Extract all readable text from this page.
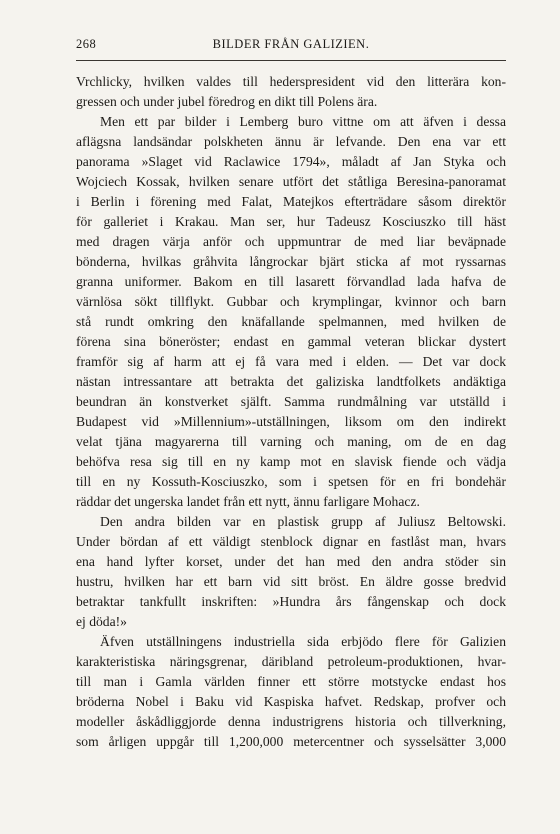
268	BILDER FRÅN GALIZIEN.
Vrchlicky, hvilken valdes till hederspresident vid den litterära kon-
gressen och under jubel föredrog en dikt till Polens ära.
Men ett par bilder i Lemberg buro vittne om att äfven i dessa
aflägsna landsändar polskheten ännu är lefvande. Den ena var ett
panorama »Slaget vid Raclawice 1794», måladt af Jan Styka och
Wojciech Kossak, hvilken senare utfört det ståtliga Beresina-panoramat
i Berlin i förening med Falat, Matejkos efterträdare såsom direktör
för galleriet i Krakau. Man ser, hur Tadeusz Kosciuszko till häst
med dragen värja anför och uppmuntrar de med liar beväpnade
bönderna, hvilkas gråhvita långrockar bjärt sticka af mot ryssarnas
granna uniformer. Bakom en till lasarett förvandlad lada hafva de
värnlösa sökt tillflykt. Gubbar och krymplingar, kvinnor och barn
stå rundt omkring den knäfallande spelmannen, med hvilken de
förena sina böneröster; endast en gammal veteran blickar dystert
framför sig af harm att ej få vara med i elden. — Det var dock
nästan intressantare att betrakta det galiziska landtfolkets andäktiga
beundran än konstverket själft. Samma rundmålning var utställd i
Budapest vid »Millennium»-utställningen, liksom om den indirekt
velat tjäna magyarerna till varning och maning, om de en dag
behöfva resa sig till en ny kamp mot en slavisk fiende och vädja
till en ny Kossuth-Kosciuszko, som i spetsen för en fri bondehär
räddar det ungerska landet från ett nytt, ännu farligare Mohacz.
Den andra bilden var en plastisk grupp af Juliusz Beltowski.
Under bördan af ett väldigt stenblock dignar en fastlåst man, hvars
ena hand lyfter korset, under det han med den andra stöder sin
hustru, hvilken har ett barn vid sitt bröst. En äldre gosse bredvid
betraktar tankfullt inskriften: »Hundra års fångenskap och dock
ej döda!»
Äfven utställningens industriella sida erbjödo flere för Galizien
karakteristiska näringsgrenar, däribland petroleum-produktionen, hvar-
till man i Gamla världen finner ett större motstycke endast hos
bröderna Nobel i Baku vid Kaspiska hafvet. Redskap, profver och
modeller åskådliggjorde denna industrigrens historia och tillverkning,
som årligen uppgår till 1,200,000 metercentner och sysselsätter 3,000
